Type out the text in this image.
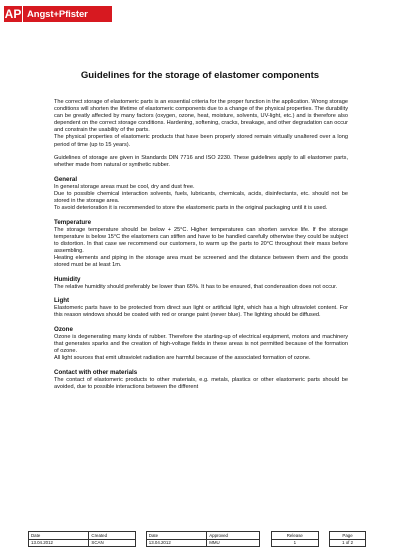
AP Angst+Pfister
Guidelines for the storage of elastomer components

The correct storage of elastomeric parts is an essential criteria for the proper function in the application. Wrong storage conditions will shorten the lifetime of elastomeric components due to a change of the physical properties. The durability can be greatly affected by many factors (oxygen, ozone, heat, moisture, solvents, UV-light, etc.) and is therefore also dependent on the correct storage conditions. Hardening, softening, cracks, breakage, and other degradation can occur and constrain the usability of the parts.

The physical properties of elastomeric products that have been properly stored remain virtually unaltered over a long period of time (up to 15 years).

Guidelines of storage are given in Standards DIN 7716 and ISO 2230. These guidelines apply to all elastomer parts, whether made from natural or synthetic rubber.

General

In general storage areas must be cool, dry and dust free.

Due to possible chemical interaction solvents, fuels, lubricants, chemicals, acids, disinfectants, etc. should not be stored in the storage area.

To avoid deterioration it is recommended to store the elastomeric parts in the original packaging until it is used.

Temperature

The storage temperature should be below + 25°C. Higher temperatures can shorten service life. If the storage temperature is below 15°C the elastomers can stiffen and have to be handled carefully otherwise they could be subject to distortion. In that case we recommend our customers, to warm up the parts to 20°C throughout their mass before assembling.

Heating elements and piping in the storage area must be screened and the distance between them and the goods stored must be at least 1m.

Humidity

The relative humidity should preferably be lower than 65%. It has to be ensured, that condensation does not occur.

Light

Elastomeric parts have to be protected from direct sun light or artificial light, which has a high ultraviolet content. For this reason windows should be coated with red or orange paint (never blue). The lighting should be diffused.

Ozone

Ozone is degenerating many kinds of rubber. Therefore the starting-up of electrical equipment, motors and machinery that generates sparks and the creation of high-voltage fields in these areas is not permitted because of the formation of ozone.

All light sources that emit ultraviolet radiation are harmful because of the associated formation of ozone.

Contact with other materials

The contact of elastomeric products to other materials, e.g. metals, plastics or other elastomeric parts should be avoided, due to possible interactions between the different

Date	Created		Date	Approved		Release		Page
13.04.2012	SCAN		13.04.2012	MMU		1		1 of 2
